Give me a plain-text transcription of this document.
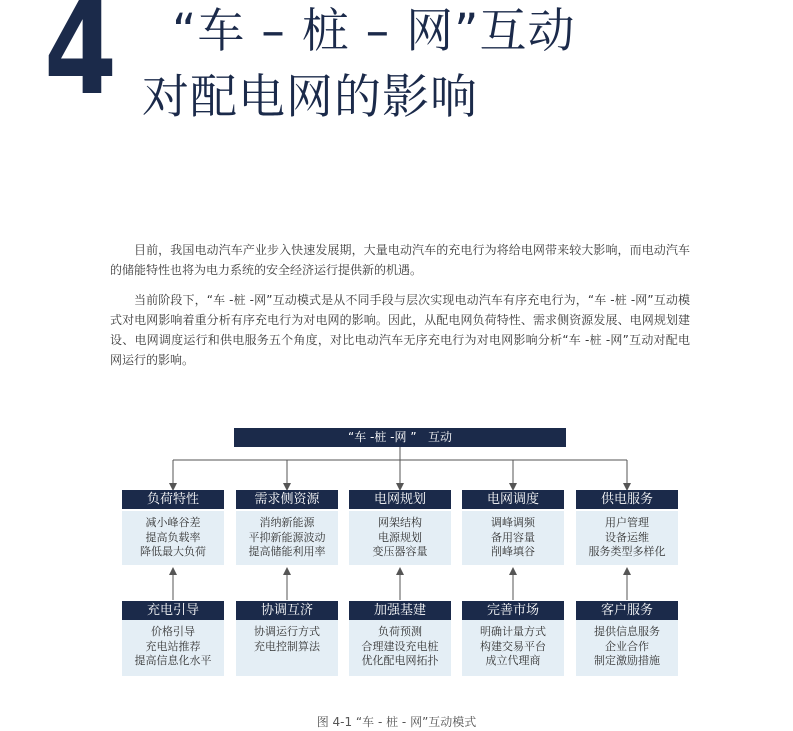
4 “车 – 桩 – 网”互动
对配电网的影响

目前，我国电动汽车产业步入快速发展期，大量电动汽车的充电行为将给电网带来较大影响，而电动汽车的储能特性也将为电力系统的安全经济运行提供新的机遇。

当前阶段下，“车 -桩 -网”互动模式是从不同手段与层次实现电动汽车有序充电行为，“车 -桩 -网”互动模式对电网影响着重分析有序充电行为对电网的影响。因此，从配电网负荷特性、需求侧资源发展、电网规划建设、电网调度运行和供电服务五个角度，对比电动汽车无序充电行为对电网影响分析“车 -桩 -网”互动对配电网运行的影响。

“车 -桩 -网 ”   互动
负荷特性
减小峰谷差
提高负载率
降低最大负荷
需求侧资源
消纳新能源
平抑新能源波动
提高储能利用率
电网规划
网架结构
电源规划
变压器容量
电网调度
调峰调频
备用容量
削峰填谷
供电服务
用户管理
设备运维
服务类型多样化
充电引导
价格引导
充电站推荐
提高信息化水平
协调互济
协调运行方式
充电控制算法
加强基建
负荷预测
合理建设充电桩
优化配电网拓扑
完善市场
明确计量方式
构建交易平台
成立代理商
客户服务
提供信息服务
企业合作
制定激励措施
图 4-1 “车 - 桩 - 网”互动模式
